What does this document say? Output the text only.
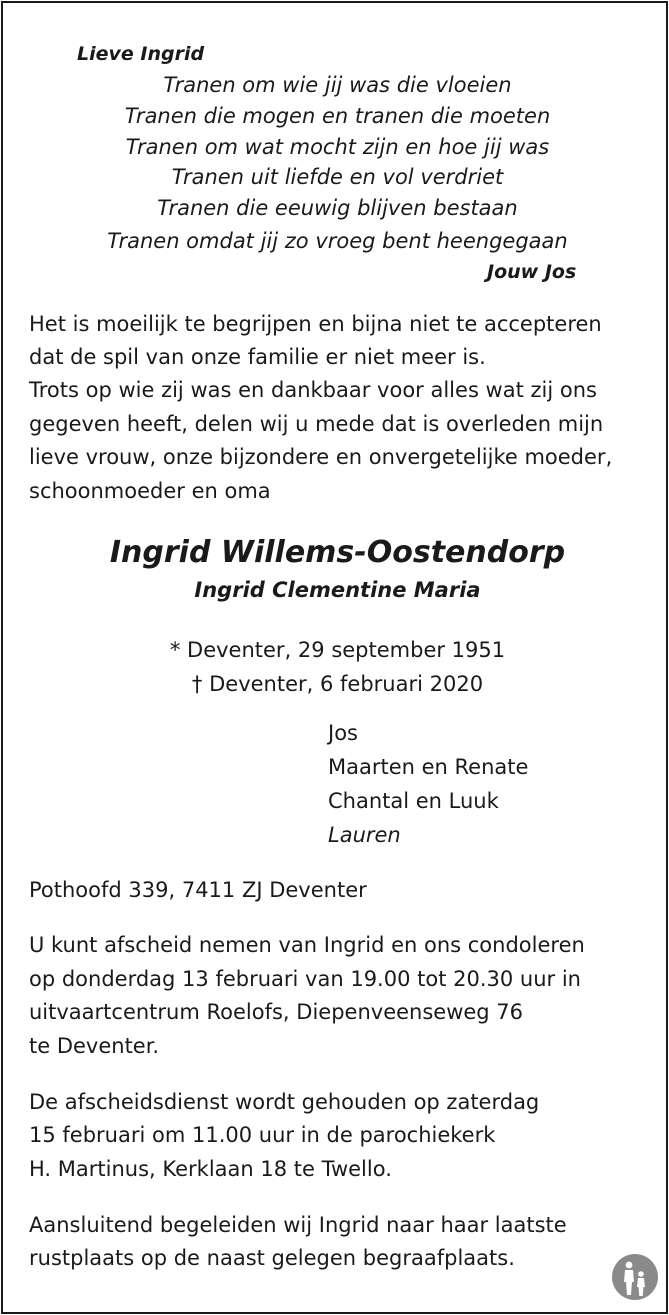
Lieve Ingrid
Tranen om wie jij was die vloeien
Tranen die mogen en tranen die moeten
Tranen om wat mocht zijn en hoe jij was
Tranen uit liefde en vol verdriet
Tranen die eeuwig blijven bestaan
Tranen omdat jij zo vroeg bent heengegaan
Jouw Jos
Het is moeilijk te begrijpen en bijna niet te accepteren
dat de spil van onze familie er niet meer is.
Trots op wie zij was en dankbaar voor alles wat zij ons
gegeven heeft, delen wij u mede dat is overleden mijn
lieve vrouw, onze bijzondere en onvergetelijke moeder,
schoonmoeder en oma
Ingrid Willems-Oostendorp
Ingrid Clementine Maria
* Deventer, 29 september 1951
† Deventer, 6 februari 2020
Jos
Maarten en Renate
Chantal en Luuk
Lauren
Pothoofd 339, 7411 ZJ Deventer
U kunt afscheid nemen van Ingrid en ons condoleren
op donderdag 13 februari van 19.00 tot 20.30 uur in
uitvaartcentrum Roelofs, Diepenveenseweg 76
te Deventer.
De afscheidsdienst wordt gehouden op zaterdag
15 februari om 11.00 uur in de parochiekerk
H. Martinus, Kerklaan 18 te Twello.
Aansluitend begeleiden wij Ingrid naar haar laatste
rustplaats op de naast gelegen begraafplaats.
